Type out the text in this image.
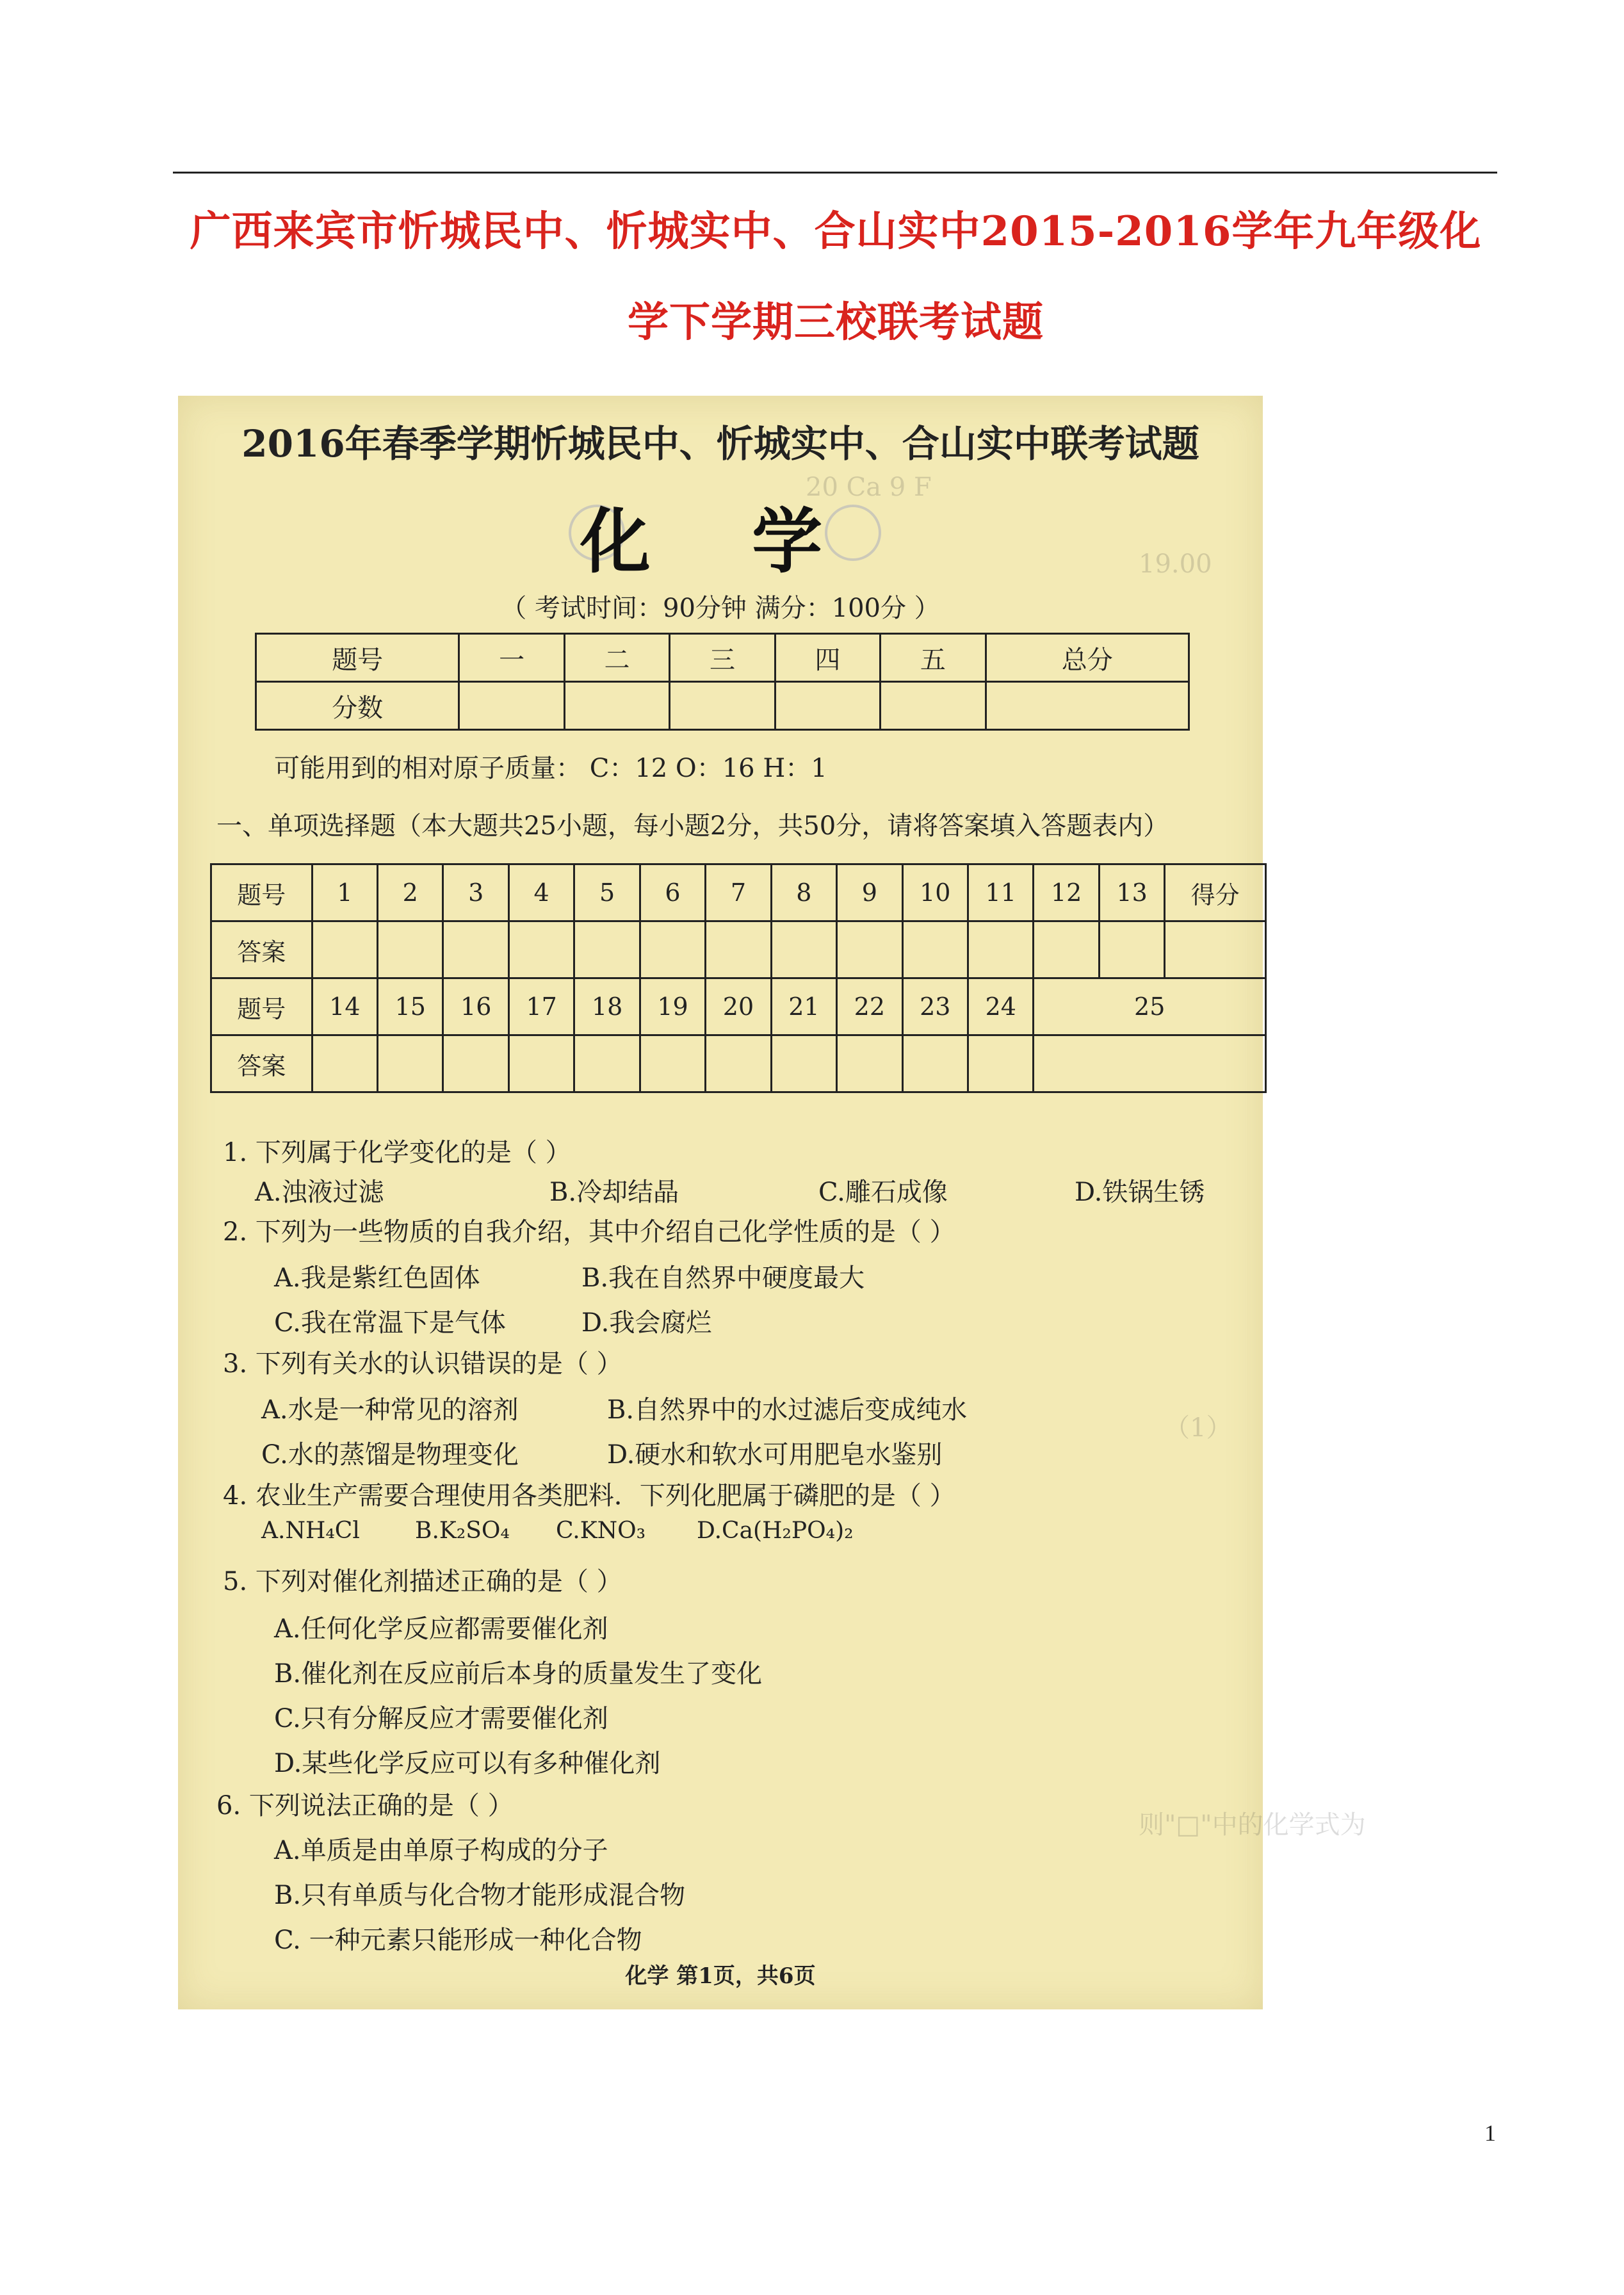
广西来宾市忻城民中、忻城实中、合山实中2015-2016学年九年级化
学下学期三校联考试题
20 Ca 9 F
19.00
（1）
则"□"中的化学式为
2016年春季学期忻城民中、忻城实中、合山实中联考试题
化 学
（ 考试时间：90分钟 满分：100分 ）
题号	一	二	三	四	五	总分
分数						
可能用到的相对原子质量： C：12 O：16 H：1
一、单项选择题（本大题共25小题，每小题2分，共50分，请将答案填入答题表内）
题号	1	2	3	4	5	6	7	8	9	10	11	12	13	得分
答案														
题号	14	15	16	17	18	19	20	21	22	23	24	25		
答案														
1. 下列属于化学变化的是（ ）
A.浊液过滤	B.冷却结晶	C.雕石成像	D.铁锅生锈
2. 下列为一些物质的自我介绍，其中介绍自己化学性质的是（ ）
A.我是紫红色固体	B.我在自然界中硬度最大
C.我在常温下是气体	D.我会腐烂
3. 下列有关水的认识错误的是（ ）
A.水是一种常见的溶剂	B.自然界中的水过滤后变成纯水
C.水的蒸馏是物理变化	D.硬水和软水可用肥皂水鉴别
4. 农业生产需要合理使用各类肥料．下列化肥属于磷肥的是（ ）
A.NH₄Cl B.K₂SO₄ C.KNO₃ D.Ca(H₂PO₄)₂
5. 下列对催化剂描述正确的是（ ）
A.任何化学反应都需要催化剂
B.催化剂在反应前后本身的质量发生了变化
C.只有分解反应才需要催化剂
D.某些化学反应可以有多种催化剂
6. 下列说法正确的是（ ）
A.单质是由单原子构成的分子
B.只有单质与化合物才能形成混合物
C. 一种元素只能形成一种化合物
化学 第1页，共6页
1
